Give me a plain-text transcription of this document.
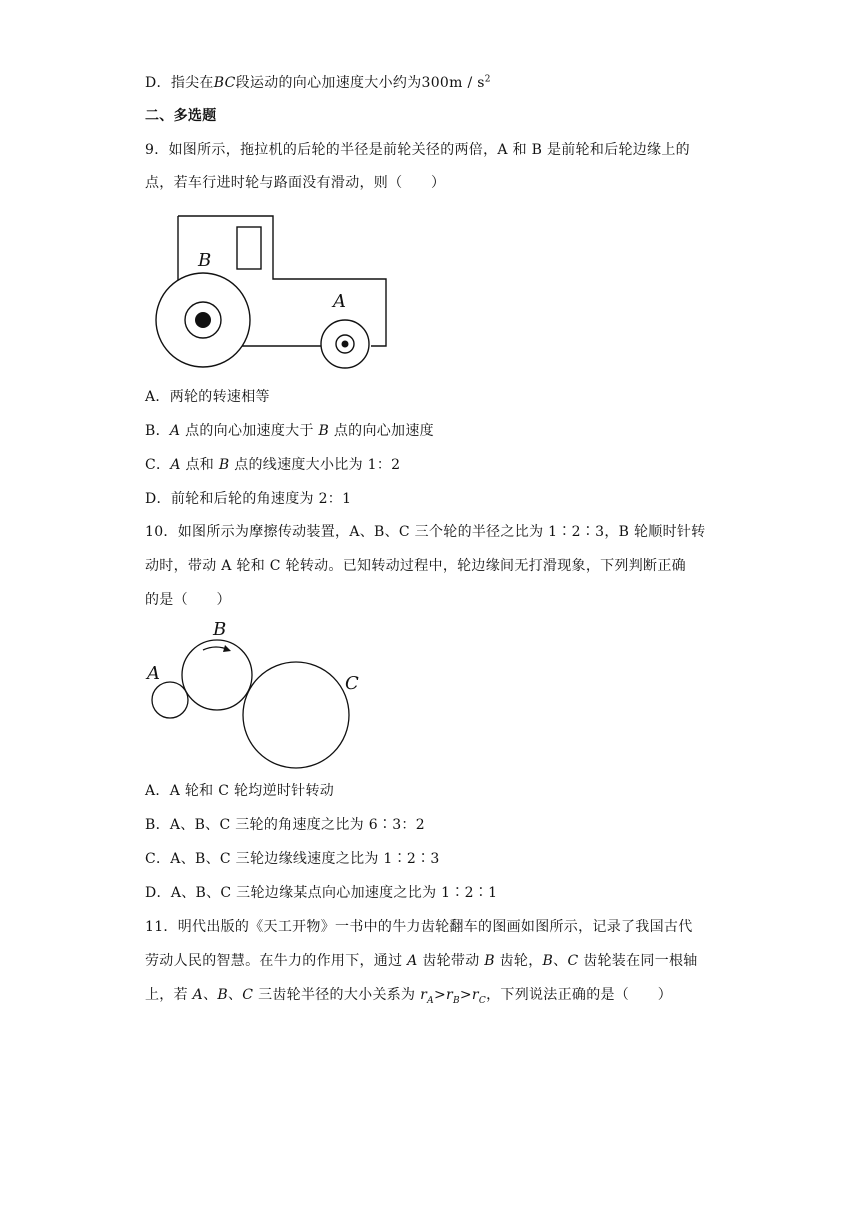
D．指尖在BC段运动的向心加速度大小约为$300m / s^2$
二、多选题
9．如图所示，拖拉机的后轮的半径是前轮关径的两倍，A 和 B 是前轮和后轮边缘上的
点，若车行进时轮与路面没有滑动，则（　　）
B
A
A．两轮的转速相等
B．A 点的向心加速度大于 B 点的向心加速度
C．A 点和 B 点的线速度大小比为 1：2
D．前轮和后轮的角速度为 2：1
10．如图所示为摩擦传动装置，A、B、C 三个轮的半径之比为 1∶2∶3，B 轮顺时针转
动时，带动 A 轮和 C 轮转动。已知转动过程中，轮边缘间无打滑现象，下列判断正确
的是（　　）
A
B
C
A．A 轮和 C 轮均逆时针转动
B．A、B、C 三轮的角速度之比为 6∶3：2
C．A、B、C 三轮边缘线速度之比为 1∶2∶3
D．A、B、C 三轮边缘某点向心加速度之比为 1∶2∶1
11．明代出版的《天工开物》一书中的牛力齿轮翻车的图画如图所示，记录了我国古代
劳动人民的智慧。在牛力的作用下，通过 A 齿轮带动 B 齿轮，B、C 齿轮装在同一根轴
上，若 A、B、C 三齿轮半径的大小关系为 $r_A>r_B>r_C$，下列说法正确的是（　　）
